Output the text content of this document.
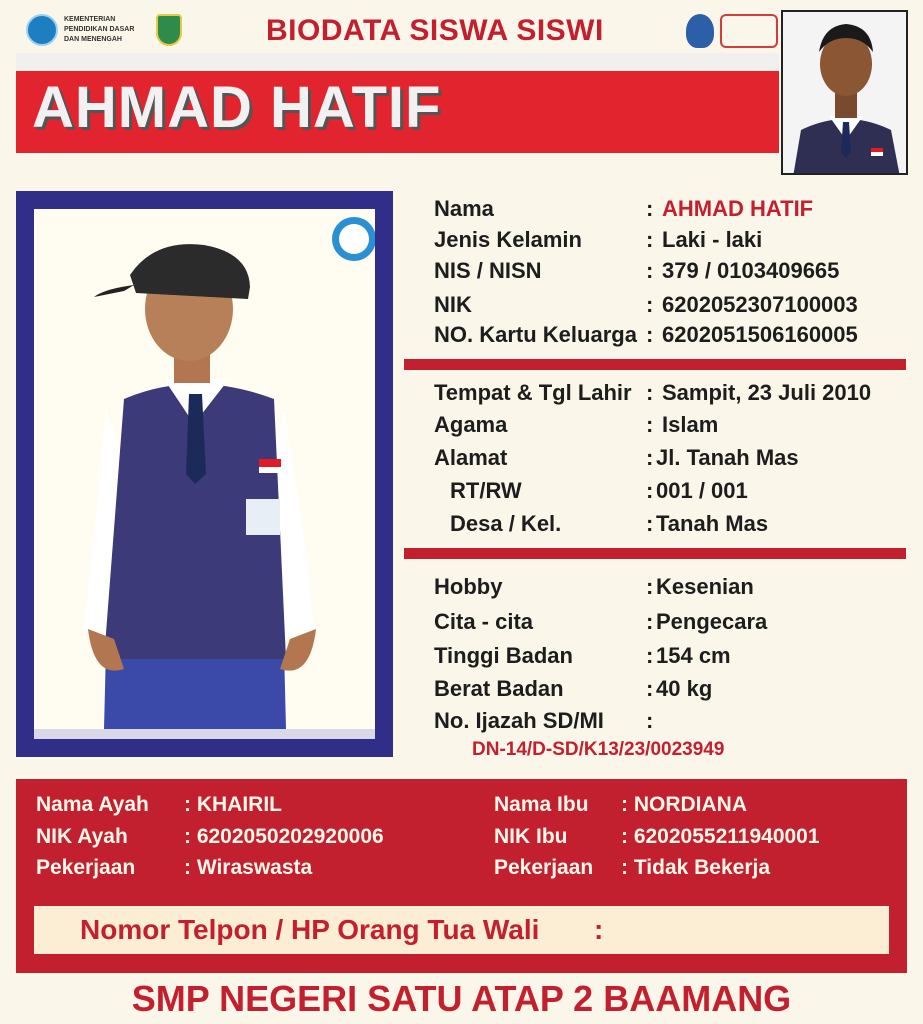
KEMENTERIAN PENDIDIKAN DASAR DAN MENENGAH	BIODATA SISWA SISWI
AHMAD HATIF
Nama	: AHMAD HATIF
Jenis Kelamin	: Laki - laki
NIS / NISN	: 379 / 0103409665
NIK	: 6202052307100003
NO. Kartu Keluarga : 6202051506160005
Tempat & Tgl Lahir : Sampit, 23 Juli 2010
Agama	: Islam
Alamat	: Jl. Tanah Mas
RT/RW	: 001 / 001
Desa / Kel.	: Tanah Mas
Hobby	: Kesenian
Cita - cita	: Pengecara
Tinggi Badan	: 154 cm
Berat Badan	: 40 kg
No. Ijazah SD/MI :
DN-14/D-SD/K13/23/0023949
Nama Ayah : KHAIRIL
NIK Ayah	: 6202050202920006
Pekerjaan : Wiraswasta
Nama Ibu : NORDIANA
NIK Ibu	: 6202055211940001
Pekerjaan : Tidak Bekerja
Nomor Telpon / HP Orang Tua Wali :
SMP NEGERI SATU ATAP 2 BAAMANG
